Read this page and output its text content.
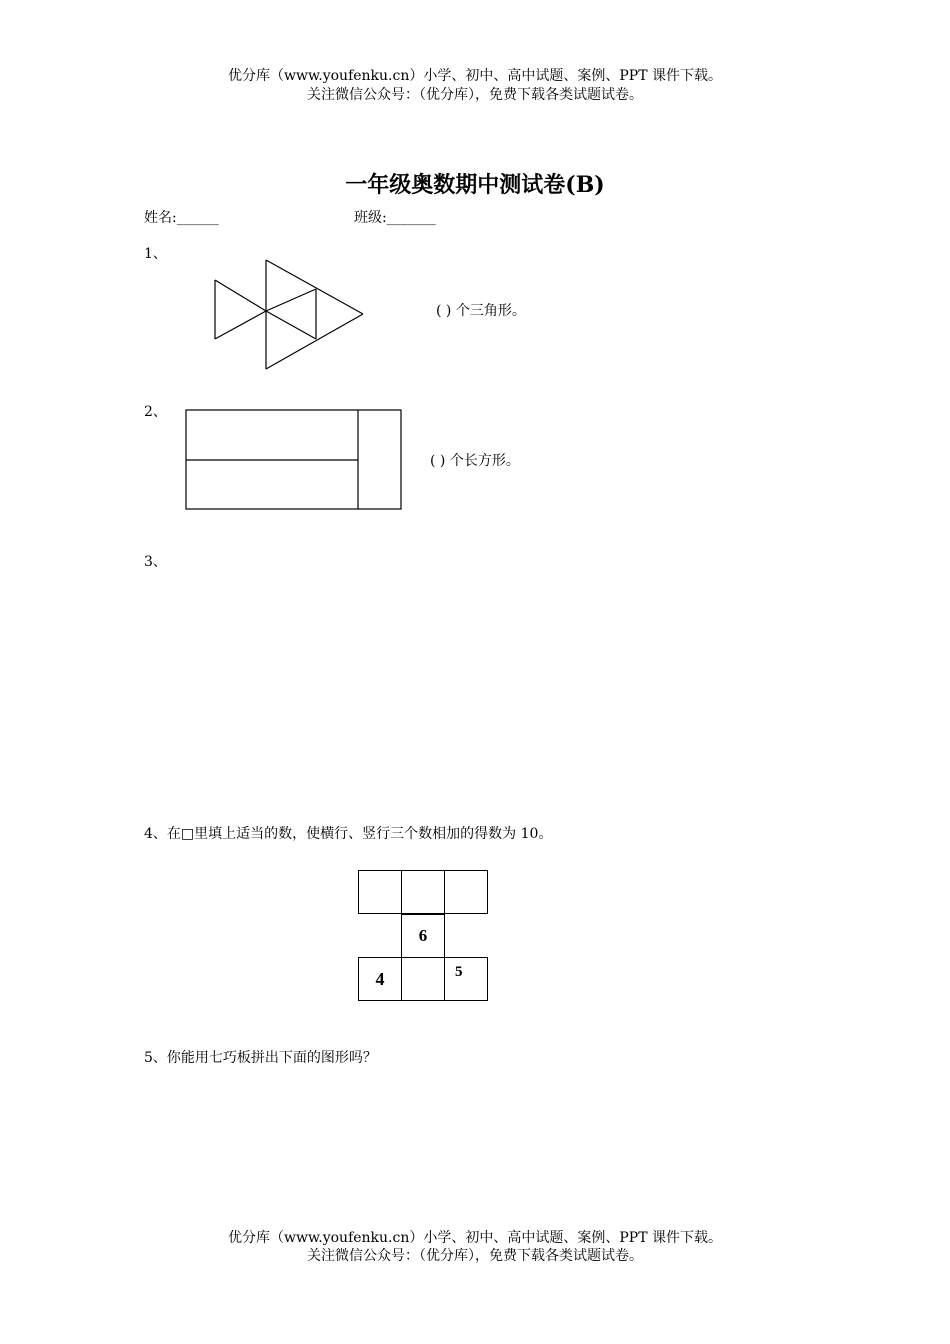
优分库（www.youfenku.cn）小学、初中、高中试题、案例、PPT 课件下载。
关注微信公众号：（优分库），免费下载各类试题试卷。
一年级奥数期中测试卷(B)
姓名:______	班级:_______
1、
( ) 个三角形。
2、
( ) 个长方形。
3、
4、在□里填上适当的数，使横行、竖行三个数相加的得数为 10。
6
4	5
5、你能用七巧板拼出下面的图形吗？
优分库（www.youfenku.cn）小学、初中、高中试题、案例、PPT 课件下载。
关注微信公众号：（优分库），免费下载各类试题试卷。
